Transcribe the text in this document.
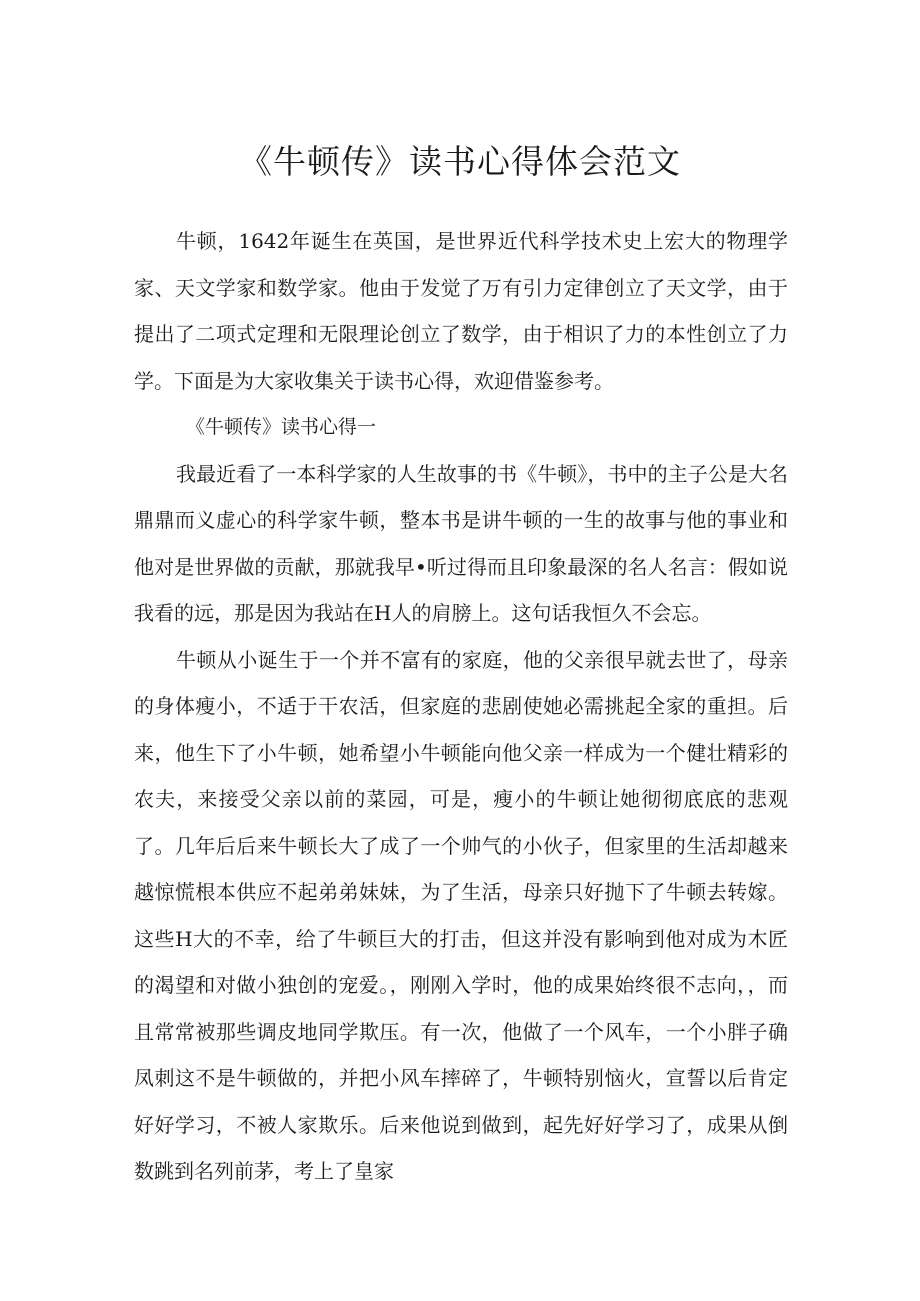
《牛顿传》读书心得体会范文

牛顿，1642年诞生在英国，是世界近代科学技术史上宏大的物理学家、天文学家和数学家。他由于发觉了万有引力定律创立了天文学，由于提出了二项式定理和无限理论创立了数学，由于相识了力的本性创立了力学。下面是为大家收集关于读书心得，欢迎借鉴参考。

《牛顿传》读书心得一

我最近看了一本科学家的人生故事的书《牛顿》，书中的主子公是大名鼎鼎而义虚心的科学家牛顿，整本书是讲牛顿的一生的故事与他的事业和他对是世界做的贡献，那就我早•听过得而且印象最深的名人名言：假如说我看的远，那是因为我站在H人的肩膀上。这句话我恒久不会忘。

牛顿从小诞生于一个并不富有的家庭，他的父亲很早就去世了，母亲的身体瘦小，不适于干农活，但家庭的悲剧使她必需挑起全家的重担。后来，他生下了小牛顿，她希望小牛顿能向他父亲一样成为一个健壮精彩的农夫，来接受父亲以前的菜园，可是，瘦小的牛顿让她彻彻底底的悲观了。几年后后来牛顿长大了成了一个帅气的小伙子，但家里的生活却越来越惊慌根本供应不起弟弟妹妹，为了生活，母亲只好抛下了牛顿去转嫁。这些H大的不幸，给了牛顿巨大的打击，但这并没有影响到他对成为木匠的渴望和对做小独创的宠爱。，刚刚入学时，他的成果始终很不志向，，而且常常被那些调皮地同学欺压。有一次，他做了一个风车，一个小胖子确凤刺这不是牛顿做的，并把小风车摔碎了，牛顿特别恼火，宣誓以后肯定好好学习，不被人家欺乐。后来他说到做到，起先好好学习了，成果从倒数跳到名列前茅，考上了皇家
